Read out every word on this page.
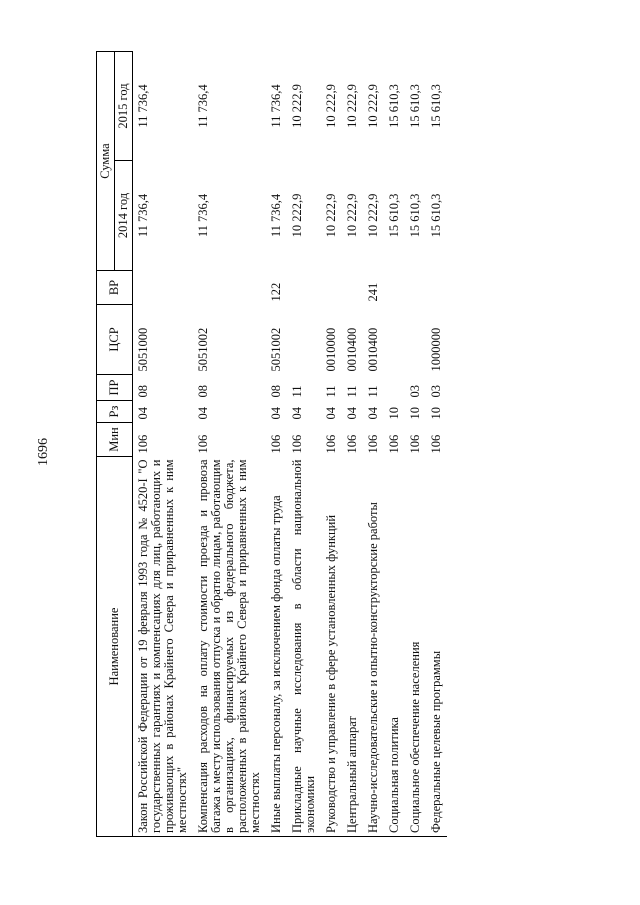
1696
Наименование	Мин	Рз	ПР	ЦСР	ВР	Сумма	
						2014 год	2015 год
Закон Российской Федерации от 19 февраля 1993 года № 4520-I "О государственных гарантиях и компенсациях для лиц, работающих и проживающих в районах Крайнего Севера и приравненных к ним местностях"	106	04	08	5051000		11 736,4	11 736,4
Компенсация расходов на оплату стоимости проезда и провоза багажа к месту использования отпуска и обратно лицам, работающим в организациях, финансируемых из федерального бюджета, расположенных в районах Крайнего Севера и приравненных к ним местностях	106	04	08	5051002		11 736,4	11 736,4
Иные выплаты персоналу, за исключением фонда оплаты труда	106	04	08	5051002	122	11 736,4	11 736,4
Прикладные научные исследования в области национальной экономики	106	04	11			10 222,9	10 222,9
Руководство и управление в сфере установленных функций	106	04	11	0010000		10 222,9	10 222,9
Центральный аппарат	106	04	11	0010400		10 222,9	10 222,9
Научно-исследовательские и опытно-конструкторские работы	106	04	11	0010400	241	10 222,9	10 222,9
Социальная политика	106	10				15 610,3	15 610,3
Социальное обеспечение населения	106	10	03			15 610,3	15 610,3
Федеральные целевые программы	106	10	03	1000000		15 610,3	15 610,3
